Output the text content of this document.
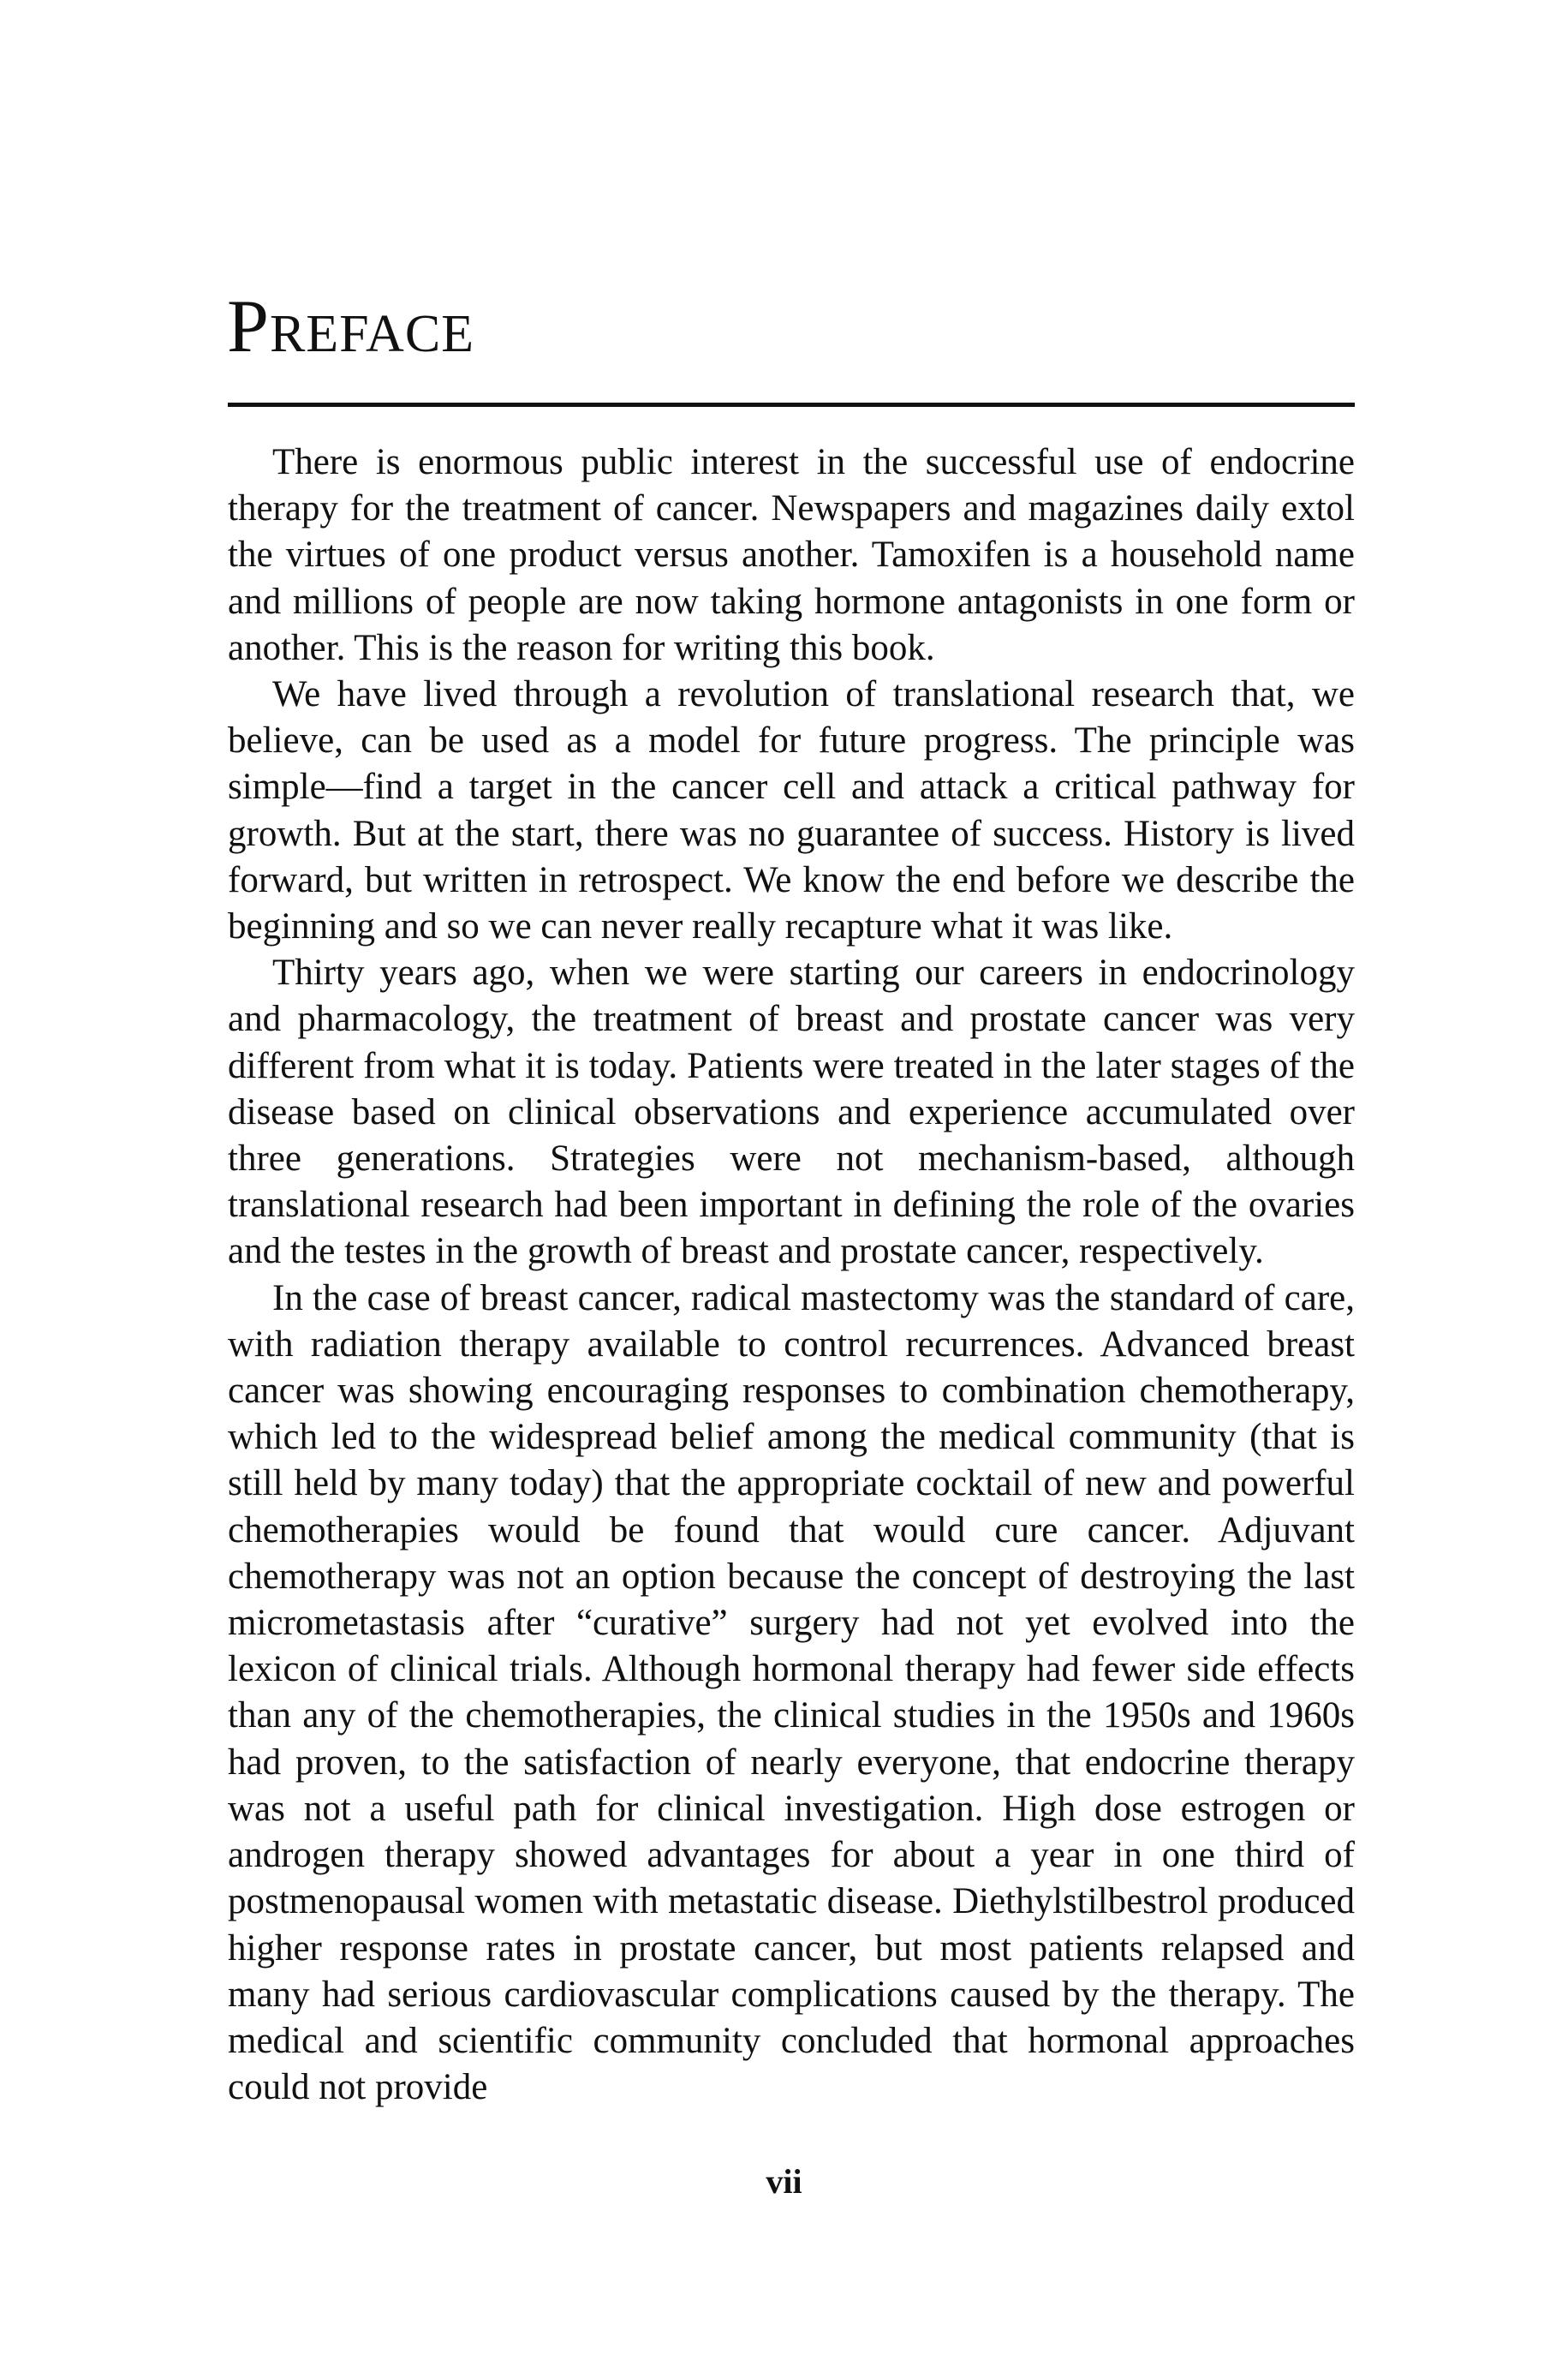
Preface

There is enormous public interest in the successful use of endocrine therapy for the treatment of cancer. Newspapers and magazines daily extol the virtues of one product versus another. Tamoxifen is a household name and millions of people are now taking hormone antagonists in one form or another. This is the reason for writing this book.

We have lived through a revolution of translational research that, we believe, can be used as a model for future progress. The principle was simple—find a target in the cancer cell and attack a critical pathway for growth. But at the start, there was no guarantee of success. History is lived forward, but written in retrospect. We know the end before we describe the beginning and so we can never really recapture what it was like.

Thirty years ago, when we were starting our careers in endocrinology and pharmacology, the treatment of breast and prostate cancer was very different from what it is today. Patients were treated in the later stages of the disease based on clinical observations and experience accumulated over three generations. Strategies were not mechanism-based, although translational research had been important in defining the role of the ovaries and the testes in the growth of breast and prostate cancer, respectively.

In the case of breast cancer, radical mastectomy was the standard of care, with radiation therapy available to control recurrences. Advanced breast cancer was showing encouraging responses to combination chemotherapy, which led to the widespread belief among the medical community (that is still held by many today) that the appropriate cocktail of new and powerful chemotherapies would be found that would cure cancer. Adjuvant chemotherapy was not an option because the concept of destroying the last micrometastasis after “curative” surgery had not yet evolved into the lexicon of clinical trials. Although hormonal therapy had fewer side effects than any of the chemotherapies, the clinical studies in the 1950s and 1960s had proven, to the satisfaction of nearly everyone, that endocrine therapy was not a useful path for clinical investigation. High dose estrogen or androgen therapy showed advantages for about a year in one third of postmenopausal women with metastatic disease. Diethylstilbestrol produced higher response rates in prostate cancer, but most patients relapsed and many had serious cardiovascular complications caused by the therapy. The medical and scientific community concluded that hormonal approaches could not provide

vii
